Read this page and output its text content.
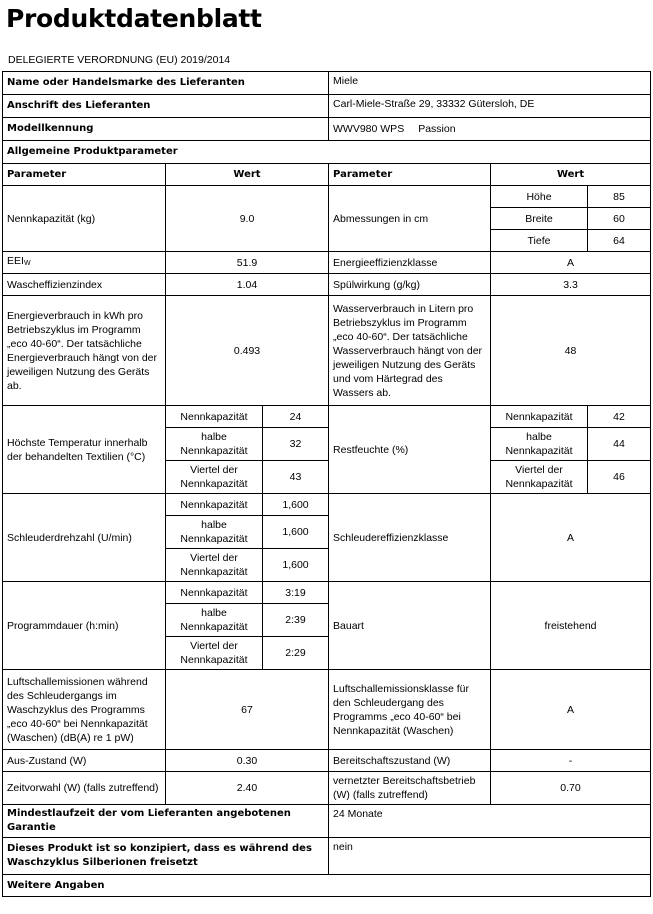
Produktdatenblatt
DELEGIERTE VERORDNUNG (EU) 2019/2014
Name oder Handelsmarke des Lieferanten			Miele		
Anschrift des Lieferanten			Carl-Miele-Straße 29, 33332 Gütersloh, DE		
Modellkennung			WWV980 WPS Passion		
Allgemeine Produktparameter					
Parameter	Wert		Parameter	Wert	
Nennkapazität (kg)	9.0		Abmessungen in cm	Höhe	85
				Breite	60
				Tiefe	64
$EEI_W$	51.9		Energieeffizienzklasse	A	
Wascheffizienzindex	1.04		Spülwirkung (g/kg)	3.3	
Energieverbrauch in kWh pro Betriebszyklus im Programm „eco 40-60“. Der tatsächliche Energieverbrauch hängt von der jeweiligen Nutzung des Geräts ab.	0.493		Wasserverbrauch in Litern pro Betriebszyklus im Programm „eco 40-60“. Der tatsächliche Wasserverbrauch hängt von der jeweiligen Nutzung des Geräts und vom Härtegrad des Wassers ab.	48	
Höchste Temperatur innerhalb der behandelten Textilien (°C)	Nennkapazität	24	Restfeuchte (%)	Nennkapazität	42
	halbe Nennkapazität	32		halbe Nennkapazität	44
	Viertel der Nennkapazität	43		Viertel der Nennkapazität	46
Schleuderdrehzahl (U/min)	Nennkapazität	1,600	Schleudereffizienzklasse	A	
	halbe Nennkapazität	1,600			
	Viertel der Nennkapazität	1,600			
Programmdauer (h:min)	Nennkapazität	3:19	Bauart	freistehend	
	halbe Nennkapazität	2:39			
	Viertel der Nennkapazität	2:29			
Luftschallemissionen während des Schleudergangs im Waschzyklus des Programms „eco 40-60“ bei Nennkapazität (Waschen) (dB(A) re 1 pW)	67		Luftschallemissionsklasse für den Schleudergang des Programms „eco 40-60“ bei Nennkapazität (Waschen)	A	
Aus-Zustand (W)	0.30		Bereitschaftszustand (W)	-	
Zeitvorwahl (W) (falls zutreffend)	2.40		vernetzter Bereitschaftsbetrieb (W) (falls zutreffend)	0.70	
Mindestlaufzeit der vom Lieferanten angebotenen Garantie			24 Monate		
Dieses Produkt ist so konzipiert, dass es während des Waschzyklus Silberionen freisetzt			nein		
Weitere Angaben					
